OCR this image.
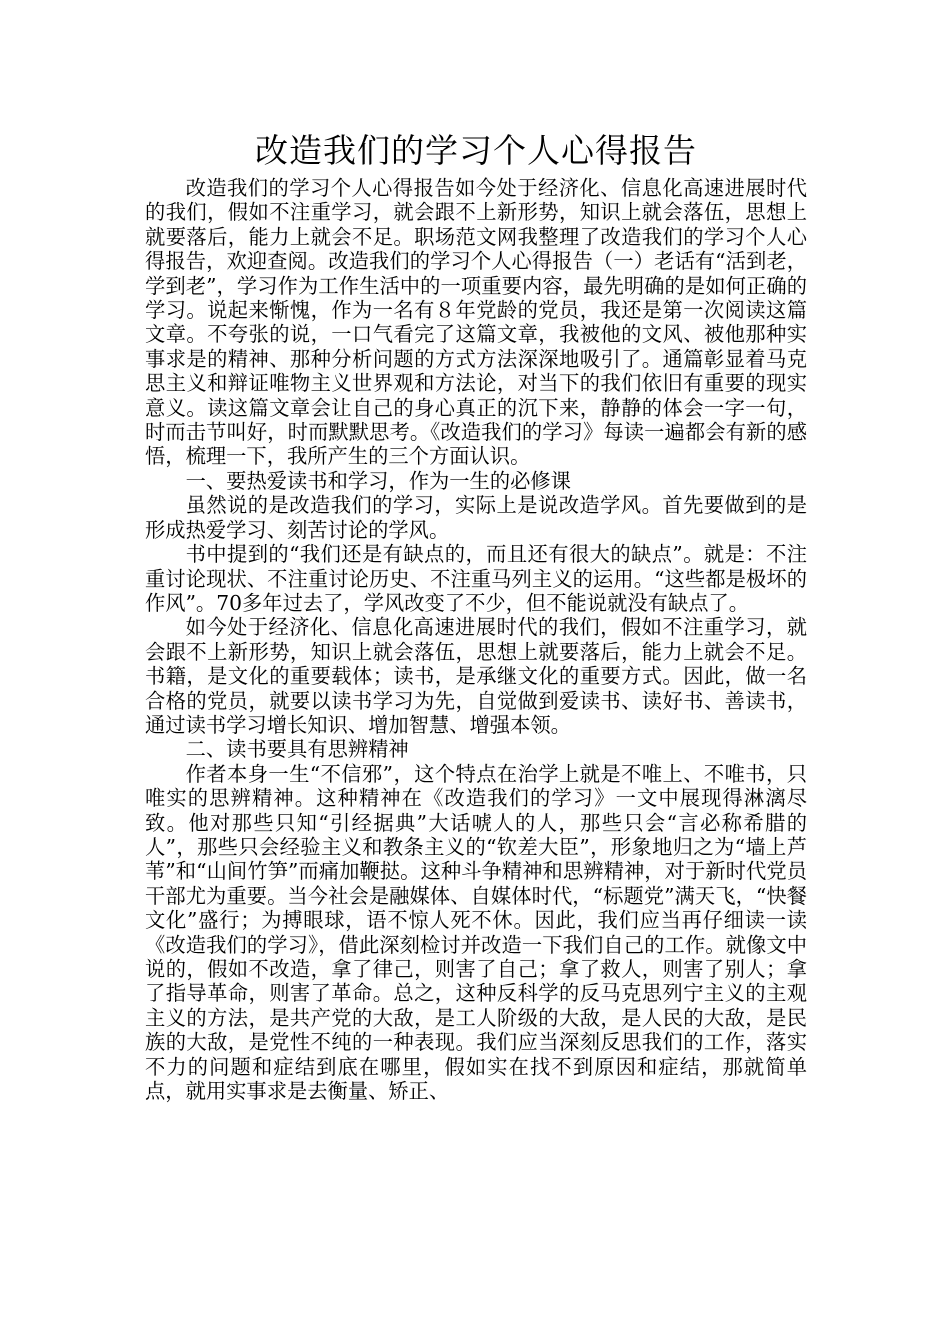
改造我们的学习个人心得报告

改造我们的学习个人心得报告如今处于经济化、信息化高速进展时代的我们，假如不注重学习，就会跟不上新形势，知识上就会落伍，思想上就要落后，能力上就会不足。职场范文网我整理了改造我们的学习个人心得报告，欢迎查阅。改造我们的学习个人心得报告（一）老话有“活到老，学到老”，学习作为工作生活中的一项重要内容，最先明确的是如何正确的学习。说起来惭愧，作为一名有８年党龄的党员，我还是第一次阅读这篇文章。不夸张的说，一口气看完了这篇文章，我被他的文风、被他那种实事求是的精神、那种分析问题的方式方法深深地吸引了。通篇彰显着马克思主义和辩证唯物主义世界观和方法论，对当下的我们依旧有重要的现实意义。读这篇文章会让自己的身心真正的沉下来，静静的体会一字一句，时而击节叫好，时而默默思考。《改造我们的学习》每读一遍都会有新的感悟，梳理一下，我所产生的三个方面认识。

一、要热爱读书和学习，作为一生的必修课

虽然说的是改造我们的学习，实际上是说改造学风。首先要做到的是形成热爱学习、刻苦讨论的学风。

书中提到的“我们还是有缺点的，而且还有很大的缺点”。就是：不注重讨论现状、不注重讨论历史、不注重马列主义的运用。“这些都是极坏的作风”。70多年过去了，学风改变了不少，但不能说就没有缺点了。

如今处于经济化、信息化高速进展时代的我们，假如不注重学习，就会跟不上新形势，知识上就会落伍，思想上就要落后，能力上就会不足。书籍，是文化的重要载体；读书，是承继文化的重要方式。因此，做一名合格的党员，就要以读书学习为先，自觉做到爱读书、读好书、善读书，通过读书学习增长知识、增加智慧、增强本领。

二、读书要具有思辨精神

作者本身一生“不信邪”，这个特点在治学上就是不唯上、不唯书，只唯实的思辨精神。这种精神在《改造我们的学习》一文中展现得淋漓尽致。他对那些只知“引经据典”大话唬人的人，那些只会“言必称希腊的人”，那些只会经验主义和教条主义的“钦差大臣”，形象地归之为“墙上芦苇”和“山间竹笋”而痛加鞭挞。这种斗争精神和思辨精神，对于新时代党员干部尤为重要。当今社会是融媒体、自媒体时代，“标题党”满天飞，“快餐文化”盛行；为搏眼球，语不惊人死不休。因此，我们应当再仔细读一读《改造我们的学习》，借此深刻检讨并改造一下我们自己的工作。就像文中说的，假如不改造，拿了律己，则害了自己；拿了救人，则害了别人；拿了指导革命，则害了革命。总之，这种反科学的反马克思列宁主义的主观主义的方法，是共产党的大敌，是工人阶级的大敌，是人民的大敌，是民族的大敌，是党性不纯的一种表现。我们应当深刻反思我们的工作，落实不力的问题和症结到底在哪里，假如实在找不到原因和症结，那就简单点，就用实事求是去衡量、矫正、
